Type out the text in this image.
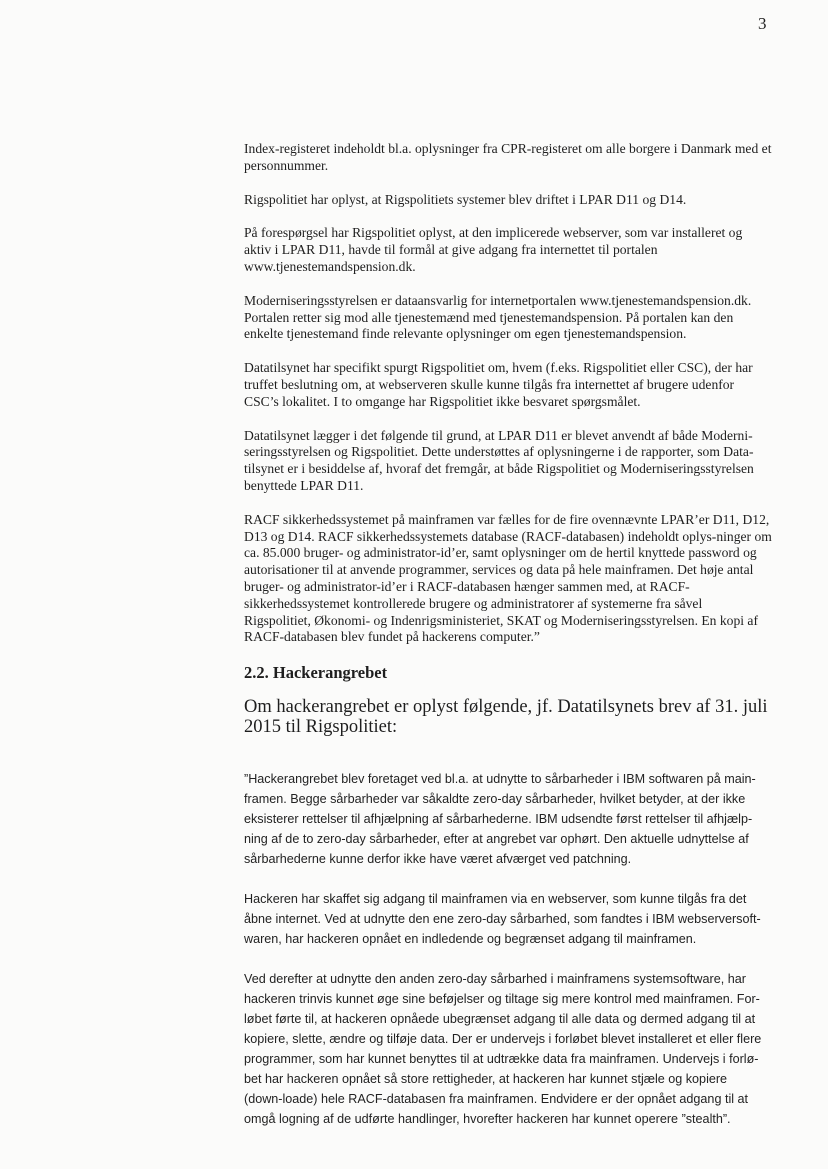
3

Index-registeret indeholdt bl.a. oplysninger fra CPR-registeret om alle borgere i Danmark med et personnummer.

Rigspolitiet har oplyst, at Rigspolitiets systemer blev driftet i LPAR D11 og D14.

På forespørgsel har Rigspolitiet oplyst, at den implicerede webserver, som var installeret og aktiv i LPAR D11, havde til formål at give adgang fra internettet til portalen www.tjenestemandspension.dk.

Moderniseringsstyrelsen er dataansvarlig for internetportalen www.tjenestemandspension.dk. Portalen retter sig mod alle tjenestemænd med tjenestemandspension. På portalen kan den enkelte tjenestemand finde relevante oplysninger om egen tjenestemandspension.

Datatilsynet har specifikt spurgt Rigspolitiet om, hvem (f.eks. Rigspolitiet eller CSC), der har truffet beslutning om, at webserveren skulle kunne tilgås fra internettet af brugere udenfor CSC’s lokalitet. I to omgange har Rigspolitiet ikke besvaret spørgsmålet.

Datatilsynet lægger i det følgende til grund, at LPAR D11 er blevet anvendt af både Moderni-seringsstyrelsen og Rigspolitiet. Dette understøttes af oplysningerne i de rapporter, som Data-tilsynet er i besiddelse af, hvoraf det fremgår, at både Rigspolitiet og Moderniseringsstyrelsen benyttede LPAR D11.

RACF sikkerhedssystemet på mainframen var fælles for de fire ovennævnte LPAR’er D11, D12, D13 og D14. RACF sikkerhedssystemets database (RACF-databasen) indeholdt oplys-ninger om ca. 85.000 bruger- og administrator-id’er, samt oplysninger om de hertil knyttede password og autorisationer til at anvende programmer, services og data på hele mainframen. Det høje antal bruger- og administrator-id’er i RACF-databasen hænger sammen med, at RACF-sikkerhedssystemet kontrollerede brugere og administratorer af systemerne fra såvel Rigspolitiet, Økonomi- og Indenrigsministeriet, SKAT og Moderniseringsstyrelsen. En kopi af RACF-databasen blev fundet på hackerens computer.”

2.2. Hackerangrebet

Om hackerangrebet er oplyst følgende, jf. Datatilsynets brev af 31. juli 2015 til Rigspolitiet:

”Hackerangrebet blev foretaget ved bl.a. at udnytte to sårbarheder i IBM softwaren på main-framen. Begge sårbarheder var såkaldte zero-day sårbarheder, hvilket betyder, at der ikke eksisterer rettelser til afhjælpning af sårbarhederne. IBM udsendte først rettelser til afhjælp-ning af de to zero-day sårbarheder, efter at angrebet var ophørt. Den aktuelle udnyttelse af sårbarhederne kunne derfor ikke have været afværget ved patchning.

Hackeren har skaffet sig adgang til mainframen via en webserver, som kunne tilgås fra det åbne internet. Ved at udnytte den ene zero-day sårbarhed, som fandtes i IBM webserversoft-waren, har hackeren opnået en indledende og begrænset adgang til mainframen.

Ved derefter at udnytte den anden zero-day sårbarhed i mainframens systemsoftware, har hackeren trinvis kunnet øge sine beføjelser og tiltage sig mere kontrol med mainframen. For-løbet førte til, at hackeren opnåede ubegrænset adgang til alle data og dermed adgang til at kopiere, slette, ændre og tilføje data. Der er undervejs i forløbet blevet installeret et eller flere programmer, som har kunnet benyttes til at udtrække data fra mainframen. Undervejs i forlø-bet har hackeren opnået så store rettigheder, at hackeren har kunnet stjæle og kopiere (down-loade) hele RACF-databasen fra mainframen. Endvidere er der opnået adgang til at omgå logning af de udførte handlinger, hvorefter hackeren har kunnet operere ”stealth”.
